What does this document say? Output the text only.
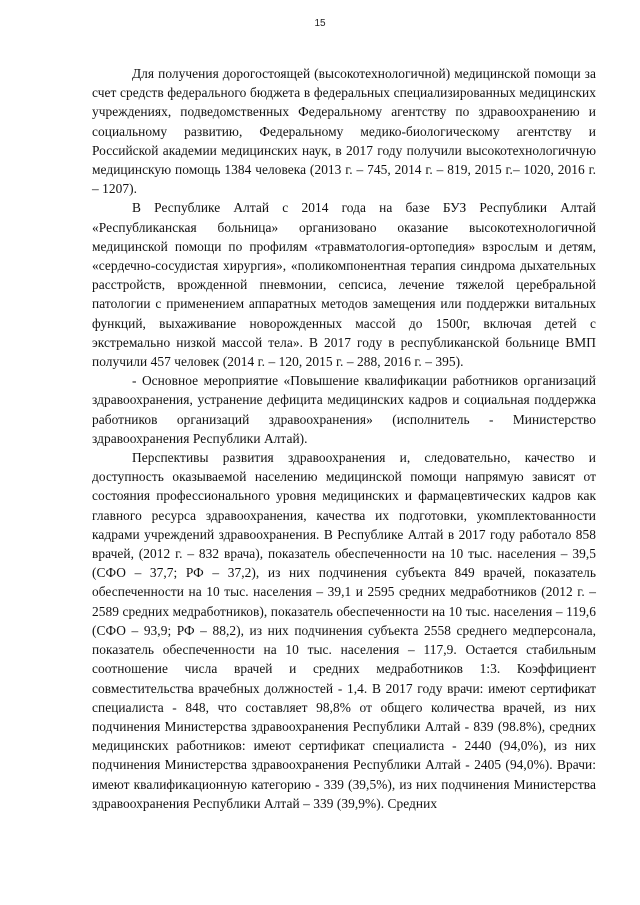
15

Для получения дорогостоящей (высокотехнологичной) медицинской помощи за счет средств федерального бюджета в федеральных специализированных медицинских учреждениях, подведомственных Федеральному агентству по здравоохранению и социальному развитию, Федеральному медико-биологическому агентству и Российской академии медицинских наук, в 2017 году получили высокотехнологичную медицинскую помощь 1384 человека (2013 г. – 745, 2014 г. – 819, 2015 г.– 1020, 2016 г. – 1207).

В Республике Алтай с 2014 года на базе БУЗ Республики Алтай «Республиканская больница» организовано оказание высокотехнологичной медицинской помощи по профилям «травматология-ортопедия» взрослым и детям, «сердечно-сосудистая хирургия», «поликомпонентная терапия синдрома дыхательных расстройств, врожденной пневмонии, сепсиса, лечение тяжелой церебральной патологии с применением аппаратных методов замещения или поддержки витальных функций, выхаживание новорожденных массой до 1500г, включая детей с экстремально низкой массой тела». В 2017 году в республиканской больнице ВМП получили 457 человек (2014 г. – 120, 2015 г. – 288, 2016 г. – 395).

- Основное мероприятие «Повышение квалификации работников организаций здравоохранения, устранение дефицита медицинских кадров и социальная поддержка работников организаций здравоохранения» (исполнитель - Министерство здравоохранения Республики Алтай).

Перспективы развития здравоохранения и, следовательно, качество и доступность оказываемой населению медицинской помощи напрямую зависят от состояния профессионального уровня медицинских и фармацевтических кадров как главного ресурса здравоохранения, качества их подготовки, укомплектованности кадрами учреждений здравоохранения. В Республике Алтай в 2017 году работало 858 врачей, (2012 г. – 832 врача), показатель обеспеченности на 10 тыс. населения – 39,5 (СФО – 37,7; РФ – 37,2), из них подчинения субъекта 849 врачей, показатель обеспеченности на 10 тыс. населения – 39,1 и 2595 средних медработников (2012 г. – 2589 средних медработников), показатель обеспеченности на 10 тыс. населения – 119,6 (СФО – 93,9; РФ – 88,2), из них подчинения субъекта 2558 среднего медперсонала, показатель обеспеченности на 10 тыс. населения – 117,9. Остается стабильным соотношение числа врачей и средних медработников 1:3. Коэффициент совместительства врачебных должностей - 1,4. В 2017 году врачи: имеют сертификат специалиста - 848, что составляет 98,8% от общего количества врачей, из них подчинения Министерства здравоохранения Республики Алтай - 839 (98.8%), средних медицинских работников: имеют сертификат специалиста - 2440 (94,0%), из них подчинения Министерства здравоохранения Республики Алтай - 2405 (94,0%). Врачи: имеют квалификационную категорию - 339 (39,5%), из них подчинения Министерства здравоохранения Республики Алтай – 339 (39,9%). Средних
